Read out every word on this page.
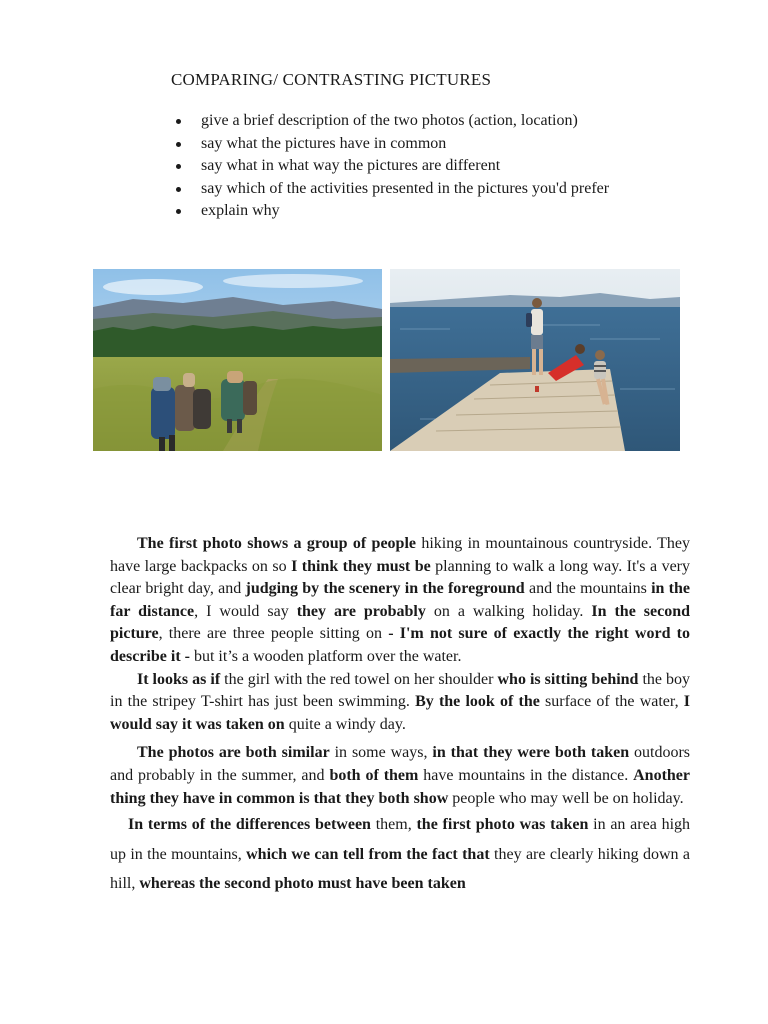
COMPARING/ CONTRASTING PICTURES
give a brief description of the two photos (action, location)
say what the pictures have in common
say what in what way the pictures are different
say which of the activities presented in the pictures you'd prefer
explain why

The first photo shows a group of people hiking in mountainous countryside. They have large backpacks on so I think they must be planning to walk a long way. It's a very clear bright day, and judging by the scenery in the foreground and the mountains in the far distance, I would say they are probably on a walking holiday. In the second picture, there are three people sitting on - I'm not sure of exactly the right word to describe it - but it’s a wooden platform over the water.

It looks as if the girl with the red towel on her shoulder who is sitting behind the boy in the stripey T-shirt has just been swimming. By the look of the surface of the water, I would say it was taken on quite a windy day.

The photos are both similar in some ways, in that they were both taken outdoors and probably in the summer, and both of them have mountains in the distance. Another thing they have in common is that they both show people who may well be on holiday.

In terms of the differences between them, the first photo was taken in an area high up in the mountains, which we can tell from the fact that they are clearly hiking down a hill, whereas the second photo must have been taken
